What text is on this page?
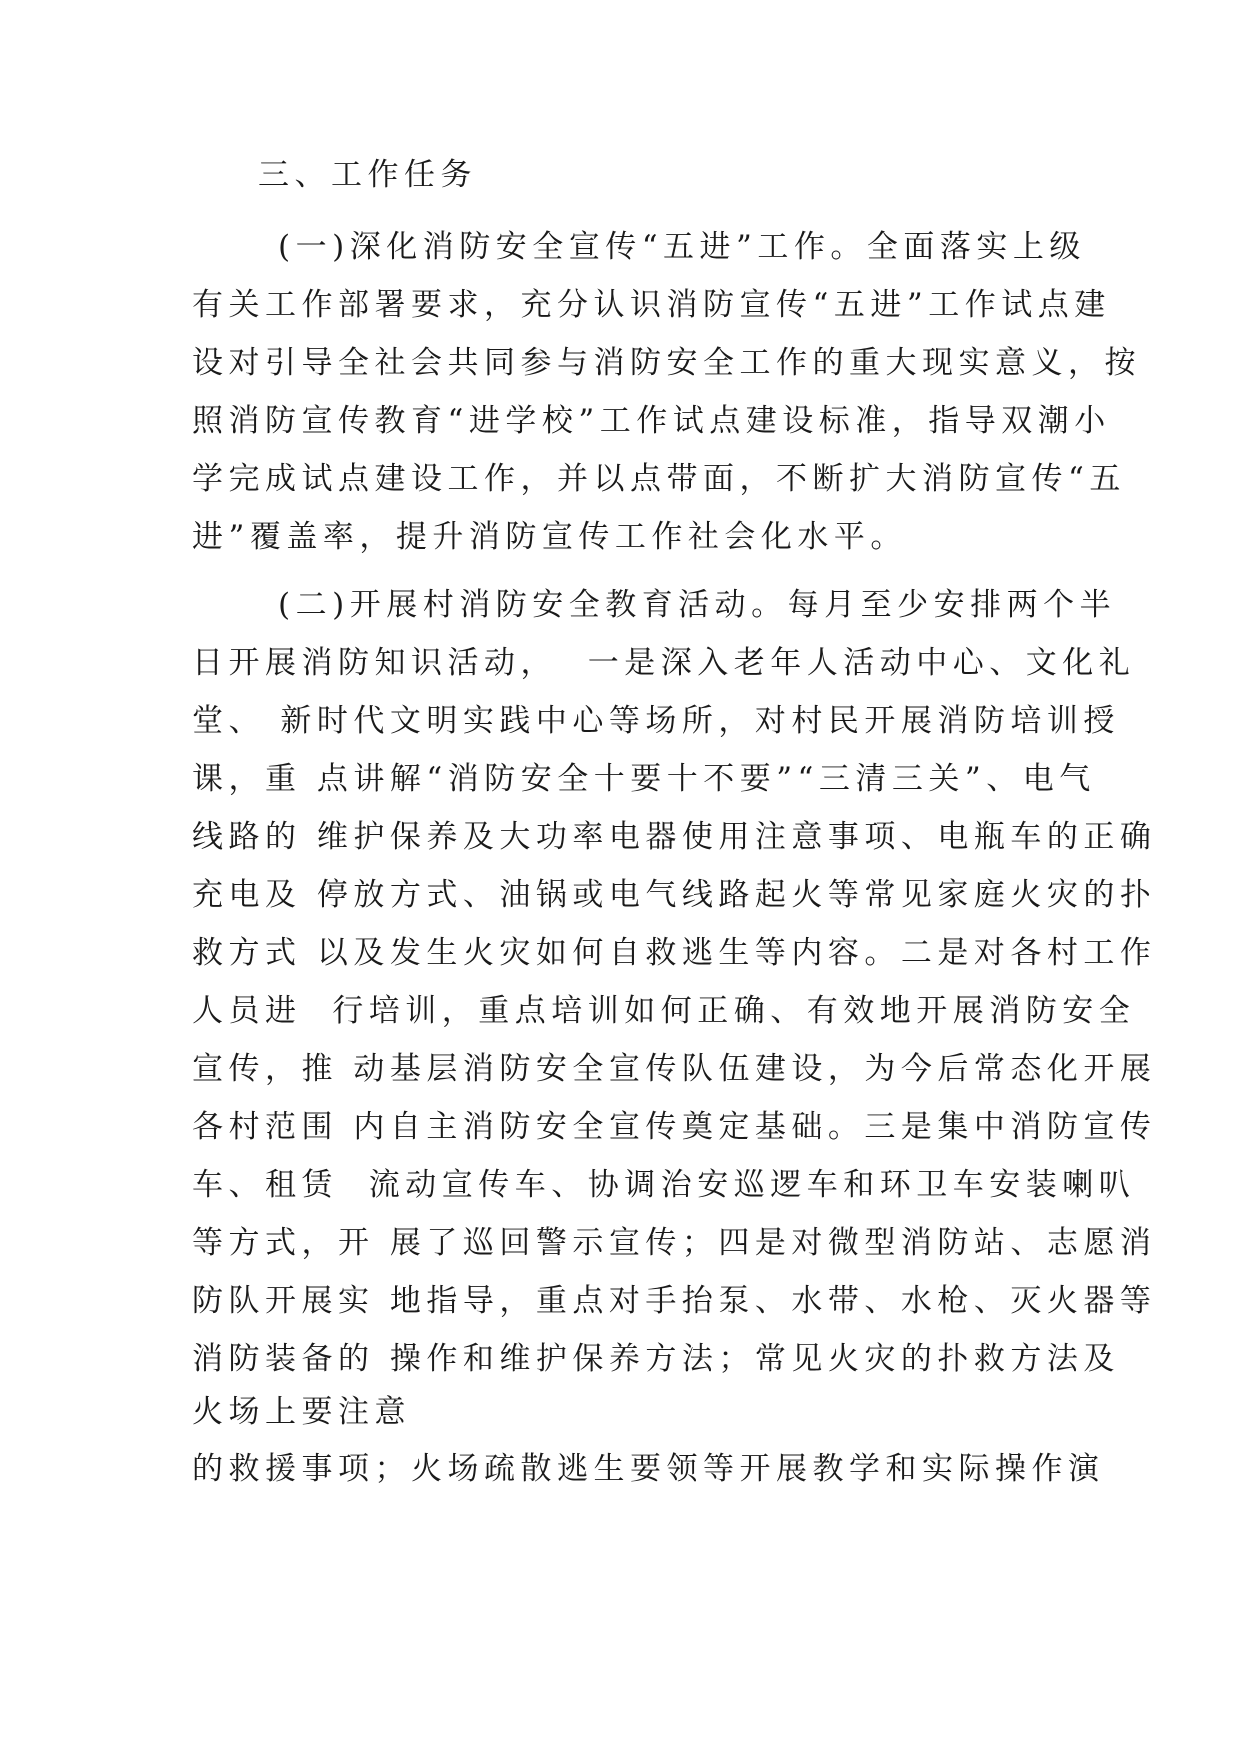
三、工作任务
(一)深化消防安全宣传“五进”工作。全面落实上级
有关工作部署要求，充分认识消防宣传“五进”工作试点建
设对引导全社会共同参与消防安全工作的重大现实意义，按
照消防宣传教育“进学校”工作试点建设标准，指导双潮小
学完成试点建设工作，并以点带面，不断扩大消防宣传“五
进”覆盖率，提升消防宣传工作社会化水平。
(二)开展村消防安全教育活动。每月至少安排两个半
日开展消防知识活动，  一是深入老年人活动中心、文化礼
堂、 新时代文明实践中心等场所，对村民开展消防培训授
课，重 点讲解“消防安全十要十不要”“三清三关”、电气
线路的 维护保养及大功率电器使用注意事项、电瓶车的正确
充电及 停放方式、油锅或电气线路起火等常见家庭火灾的扑
救方式 以及发生火灾如何自救逃生等内容。二是对各村工作
人员进  行培训，重点培训如何正确、有效地开展消防安全
宣传，推 动基层消防安全宣传队伍建设，为今后常态化开展
各村范围 内自主消防安全宣传奠定基础。三是集中消防宣传
车、租赁  流动宣传车、协调治安巡逻车和环卫车安装喇叭
等方式，开 展了巡回警示宣传；四是对微型消防站、志愿消
防队开展实 地指导，重点对手抬泵、水带、水枪、灭火器等
消防装备的 操作和维护保养方法；常见火灾的扑救方法及
火场上要注意
的救援事项；火场疏散逃生要领等开展教学和实际操作演
